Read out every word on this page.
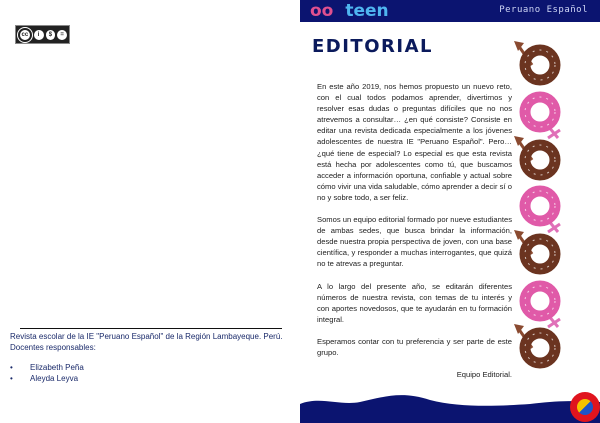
cc	i	$	=
Revista escolar de la IE "Peruano Español" de la Región Lambayeque. Perú.
Docentes responsables:
• Elizabeth Peña
• Aleyda Leyva
oo teen	Peruano Español
EDITORIAL

En este año 2019, nos hemos propuesto un nuevo reto, con el cual todos podamos aprender, divertirnos y resolver esas dudas o preguntas difíciles que no nos atrevemos a consultar… ¿en qué consiste? Consiste en editar una revista dedicada especialmente a los jóvenes adolescentes de nuestra IE "Peruano Español". Pero…¿qué tiene de especial? Lo especial es que esta revista está hecha por adolescentes como tú, que buscamos acceder a información oportuna, confiable y actual sobre cómo vivir una vida saludable, cómo aprender a decir sí o no y sobre todo, a ser feliz.

Somos un equipo editorial formado por nueve estudiantes de ambas sedes, que busca brindar la información, desde nuestra propia perspectiva de joven, con una base científica, y responder a muchas interrogantes, que quizá no te atrevas a preguntar.

A lo largo del presente año, se editarán diferentes números de nuestra revista, con temas de tu interés y con aportes novedosos, que te ayudarán en tu formación integral.

Esperamos contar con tu preferencia y ser parte de este grupo.

Equipo Editorial.
